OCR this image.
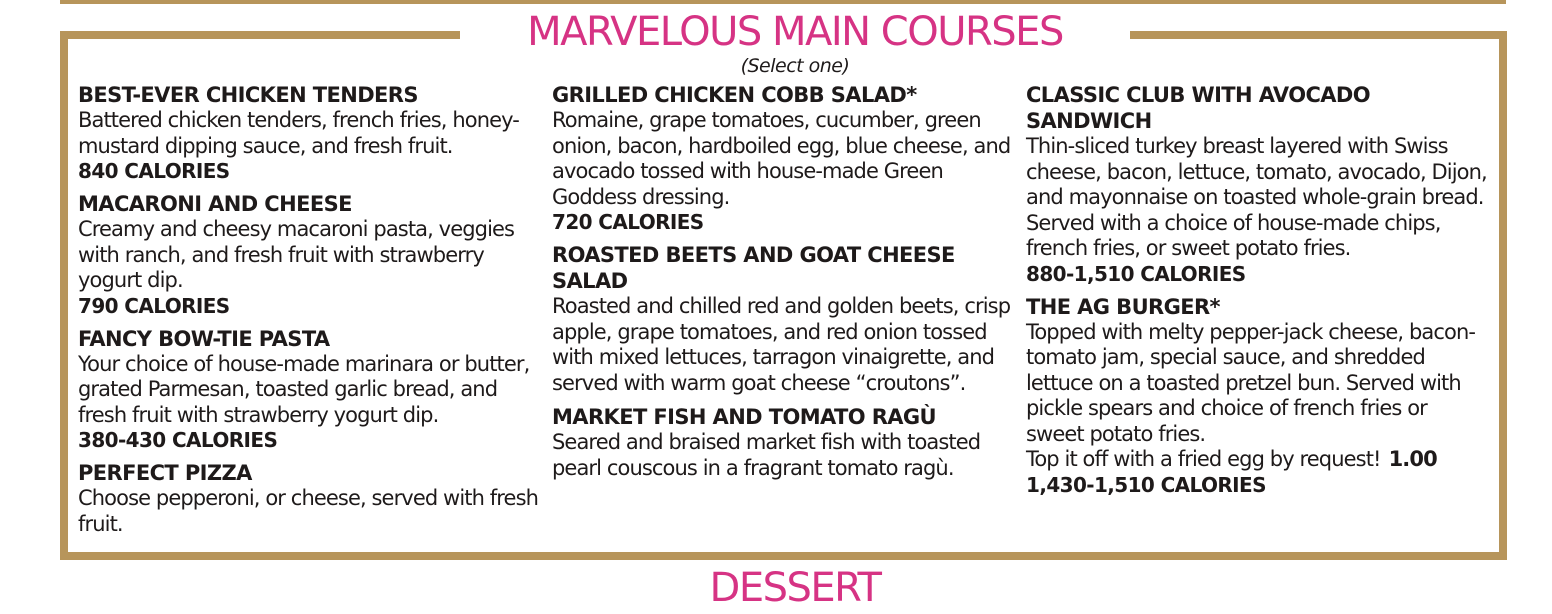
MARVELOUS MAIN COURSES
(Select one)
BEST-EVER CHICKEN TENDERS
Battered chicken tenders, french fries, honey-mustard dipping sauce, and fresh fruit.
840 CALORIES
MACARONI AND CHEESE
Creamy and cheesy macaroni pasta, veggies with ranch, and fresh fruit with strawberry yogurt dip.
790 CALORIES
FANCY BOW-TIE PASTA
Your choice of house-made marinara or butter, grated Parmesan, toasted garlic bread, and fresh fruit with strawberry yogurt dip.
380-430 CALORIES
PERFECT PIZZA
Choose pepperoni, or cheese, served with fresh fruit.
GRILLED CHICKEN COBB SALAD*
Romaine, grape tomatoes, cucumber, green onion, bacon, hardboiled egg, blue cheese, and avocado tossed with house-made Green Goddess dressing.
720 CALORIES
ROASTED BEETS AND GOAT CHEESE SALAD
Roasted and chilled red and golden beets, crisp apple, grape tomatoes, and red onion tossed with mixed lettuces, tarragon vinaigrette, and served with warm goat cheese “croutons”.
MARKET FISH AND TOMATO RAGÙ
Seared and braised market fish with toasted pearl couscous in a fragrant tomato ragù.
CLASSIC CLUB WITH AVOCADO SANDWICH
Thin-sliced turkey breast layered with Swiss cheese, bacon, lettuce, tomato, avocado, Dijon, and mayonnaise on toasted whole-grain bread. Served with a choice of house-made chips, french fries, or sweet potato fries.
880-1,510 CALORIES
THE AG BURGER*
Topped with melty pepper-jack cheese, bacon-tomato jam, special sauce, and shredded lettuce on a toasted pretzel bun. Served with pickle spears and choice of french fries or sweet potato fries.
Top it off with a fried egg by request! 1.00
1,430-1,510 CALORIES
DESSERT
